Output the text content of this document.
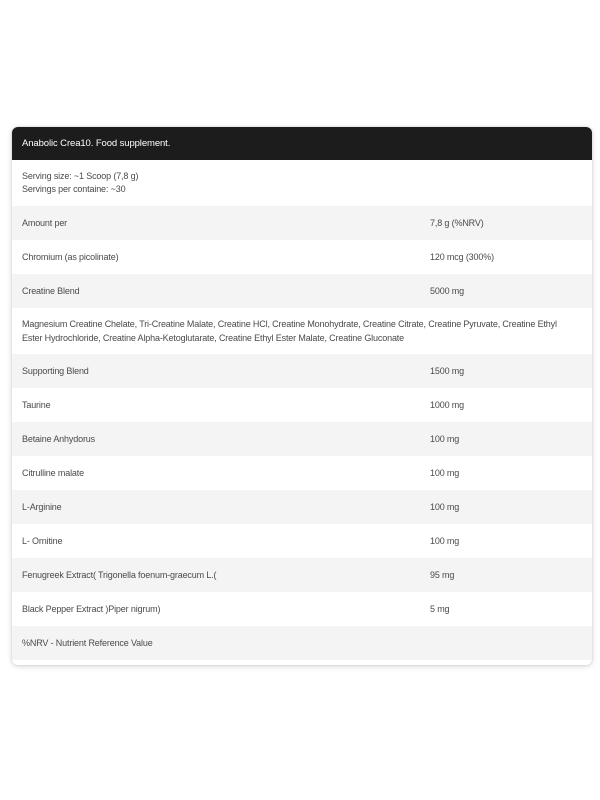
Anabolic Crea10. Food supplement.
Serving size: ~1 Scoop (7,8 g)
Servings per containe: ~30
Amount per	7,8 g (%NRV)
Chromium (as picolinate)	120 mcg (300%)
Creatine Blend	5000 mg
Magnesium Creatine Chelate, Tri-Creatine Malate, Creatine HCl, Creatine Monohydrate, Creatine Citrate, Creatine Pyruvate, Creatine Ethyl Ester Hydrochloride, Creatine Alpha-Ketoglutarate, Creatine Ethyl Ester Malate, Creatine Gluconate
Supporting Blend	1500 mg
Taurine	1000 mg
Betaine Anhydorus	100 mg
Citrulline malate	100 mg
L-Arginine	100 mg
L- Ornitine	100 mg
Fenugreek Extract( Trigonella foenum-graecum L.(	95 mg
Black Pepper Extract )Piper nigrum)	5 mg
%NRV - Nutrient Reference Value
